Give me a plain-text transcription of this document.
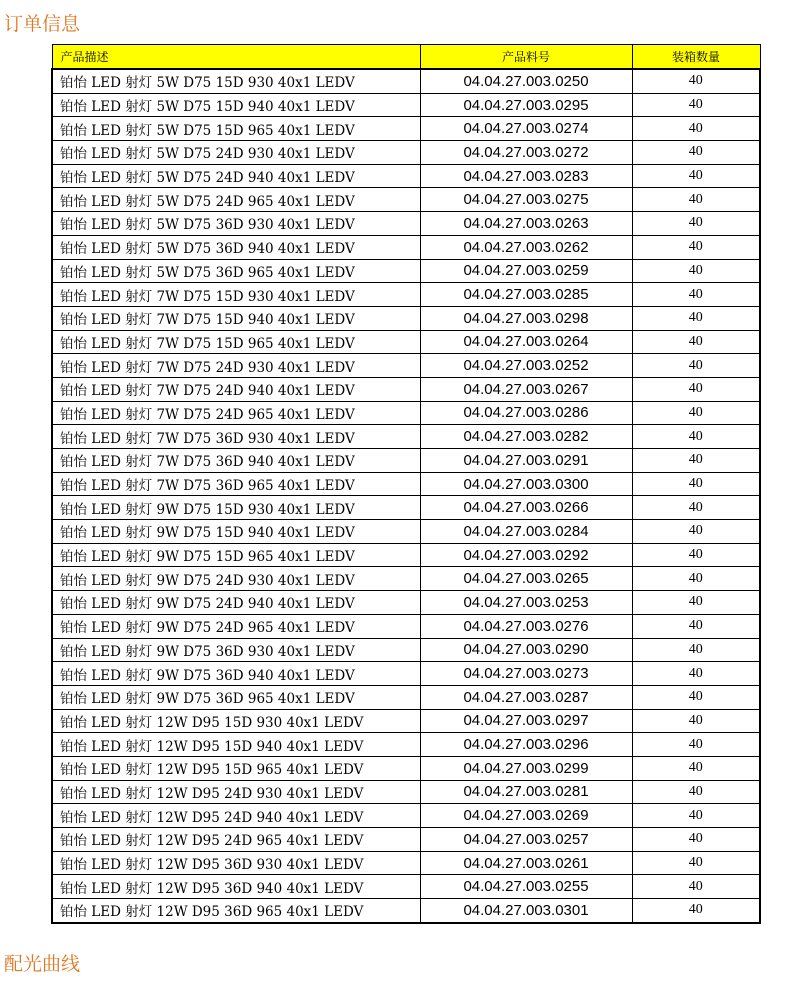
订单信息
产品描述	产品料号	装箱数量
铂怡 LED 射灯 5W D75 15D 930 40x1 LEDV	04.04.27.003.0250	40
铂怡 LED 射灯 5W D75 15D 940 40x1 LEDV	04.04.27.003.0295	40
铂怡 LED 射灯 5W D75 15D 965 40x1 LEDV	04.04.27.003.0274	40
铂怡 LED 射灯 5W D75 24D 930 40x1 LEDV	04.04.27.003.0272	40
铂怡 LED 射灯 5W D75 24D 940 40x1 LEDV	04.04.27.003.0283	40
铂怡 LED 射灯 5W D75 24D 965 40x1 LEDV	04.04.27.003.0275	40
铂怡 LED 射灯 5W D75 36D 930 40x1 LEDV	04.04.27.003.0263	40
铂怡 LED 射灯 5W D75 36D 940 40x1 LEDV	04.04.27.003.0262	40
铂怡 LED 射灯 5W D75 36D 965 40x1 LEDV	04.04.27.003.0259	40
铂怡 LED 射灯 7W D75 15D 930 40x1 LEDV	04.04.27.003.0285	40
铂怡 LED 射灯 7W D75 15D 940 40x1 LEDV	04.04.27.003.0298	40
铂怡 LED 射灯 7W D75 15D 965 40x1 LEDV	04.04.27.003.0264	40
铂怡 LED 射灯 7W D75 24D 930 40x1 LEDV	04.04.27.003.0252	40
铂怡 LED 射灯 7W D75 24D 940 40x1 LEDV	04.04.27.003.0267	40
铂怡 LED 射灯 7W D75 24D 965 40x1 LEDV	04.04.27.003.0286	40
铂怡 LED 射灯 7W D75 36D 930 40x1 LEDV	04.04.27.003.0282	40
铂怡 LED 射灯 7W D75 36D 940 40x1 LEDV	04.04.27.003.0291	40
铂怡 LED 射灯 7W D75 36D 965 40x1 LEDV	04.04.27.003.0300	40
铂怡 LED 射灯 9W D75 15D 930 40x1 LEDV	04.04.27.003.0266	40
铂怡 LED 射灯 9W D75 15D 940 40x1 LEDV	04.04.27.003.0284	40
铂怡 LED 射灯 9W D75 15D 965 40x1 LEDV	04.04.27.003.0292	40
铂怡 LED 射灯 9W D75 24D 930 40x1 LEDV	04.04.27.003.0265	40
铂怡 LED 射灯 9W D75 24D 940 40x1 LEDV	04.04.27.003.0253	40
铂怡 LED 射灯 9W D75 24D 965 40x1 LEDV	04.04.27.003.0276	40
铂怡 LED 射灯 9W D75 36D 930 40x1 LEDV	04.04.27.003.0290	40
铂怡 LED 射灯 9W D75 36D 940 40x1 LEDV	04.04.27.003.0273	40
铂怡 LED 射灯 9W D75 36D 965 40x1 LEDV	04.04.27.003.0287	40
铂怡 LED 射灯 12W D95 15D 930 40x1 LEDV	04.04.27.003.0297	40
铂怡 LED 射灯 12W D95 15D 940 40x1 LEDV	04.04.27.003.0296	40
铂怡 LED 射灯 12W D95 15D 965 40x1 LEDV	04.04.27.003.0299	40
铂怡 LED 射灯 12W D95 24D 930 40x1 LEDV	04.04.27.003.0281	40
铂怡 LED 射灯 12W D95 24D 940 40x1 LEDV	04.04.27.003.0269	40
铂怡 LED 射灯 12W D95 24D 965 40x1 LEDV	04.04.27.003.0257	40
铂怡 LED 射灯 12W D95 36D 930 40x1 LEDV	04.04.27.003.0261	40
铂怡 LED 射灯 12W D95 36D 940 40x1 LEDV	04.04.27.003.0255	40
铂怡 LED 射灯 12W D95 36D 965 40x1 LEDV	04.04.27.003.0301	40
配光曲线
